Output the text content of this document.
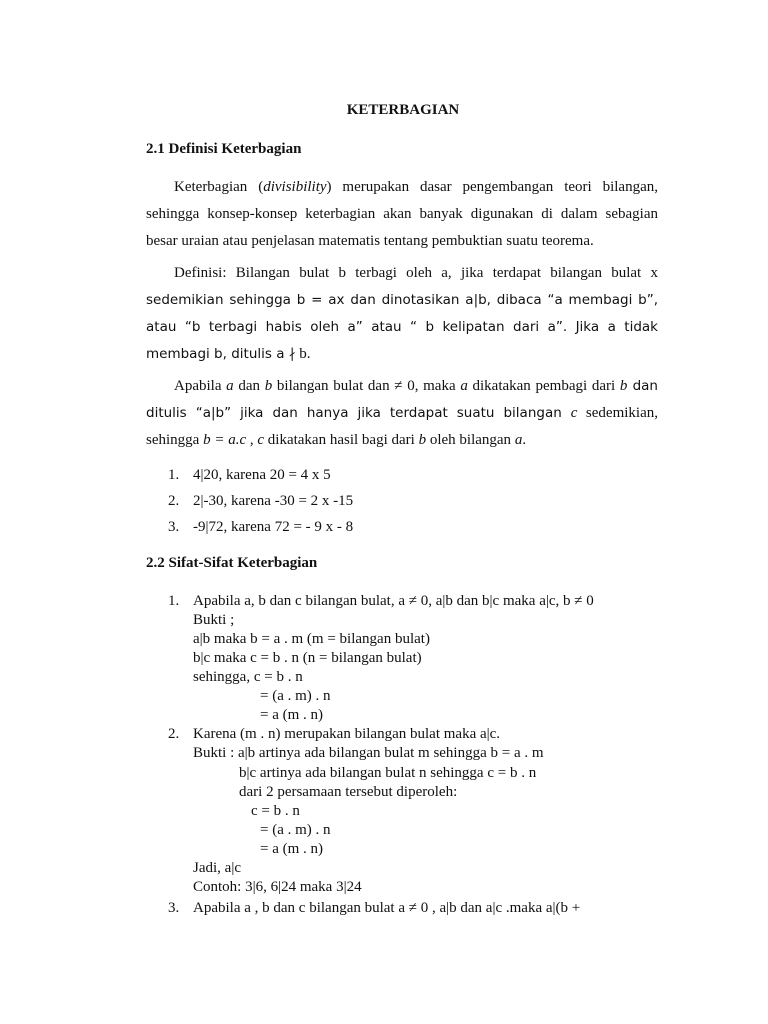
KETERBAGIAN
2.1 Definisi Keterbagian
Keterbagian (divisibility) merupakan dasar pengembangan teori bilangan, sehingga konsep-konsep keterbagian akan banyak digunakan di dalam sebagian besar uraian atau penjelasan matematis tentang pembuktian suatu teorema.
Definisi: Bilangan bulat b terbagi oleh a, jika terdapat bilangan bulat x sedemikian sehingga b = ax dan dinotasikan a|b, dibaca “a membagi b”, atau “b terbagi habis oleh a” atau “ b kelipatan dari a”. Jika a tidak membagi b, ditulis a ∤ b.
Apabila a dan b bilangan bulat dan ≠ 0, maka a dikatakan pembagi dari b dan ditulis “a|b” jika dan hanya jika terdapat suatu bilangan c sedemikian, sehingga b = a.c , c dikatakan hasil bagi dari b oleh bilangan a.
1. 4|20, karena 20 = 4 x 5
2. 2|-30, karena -30 = 2 x -15
3. -9|72, karena 72 = - 9 x - 8
2.2 Sifat-Sifat Keterbagian
1. Apabila a, b dan c bilangan bulat, a ≠ 0, a|b dan b|c maka a|c, b ≠ 0
Bukti ;
a|b maka b = a . m (m = bilangan bulat)
b|c maka c = b . n (n = bilangan bulat)
sehingga, c = b . n
= (a . m) . n
= a (m . n)
2. Karena (m . n) merupakan bilangan bulat maka a|c.
Bukti : a|b artinya ada bilangan bulat m sehingga b = a . m
b|c artinya ada bilangan bulat n sehingga c = b . n
dari 2 persamaan tersebut diperoleh:
c = b . n
= (a . m) . n
= a (m . n)
Jadi, a|c
Contoh: 3|6, 6|24 maka 3|24
3. Apabila a , b dan c bilangan bulat a ≠ 0 , a|b dan a|c .maka a|(b +
